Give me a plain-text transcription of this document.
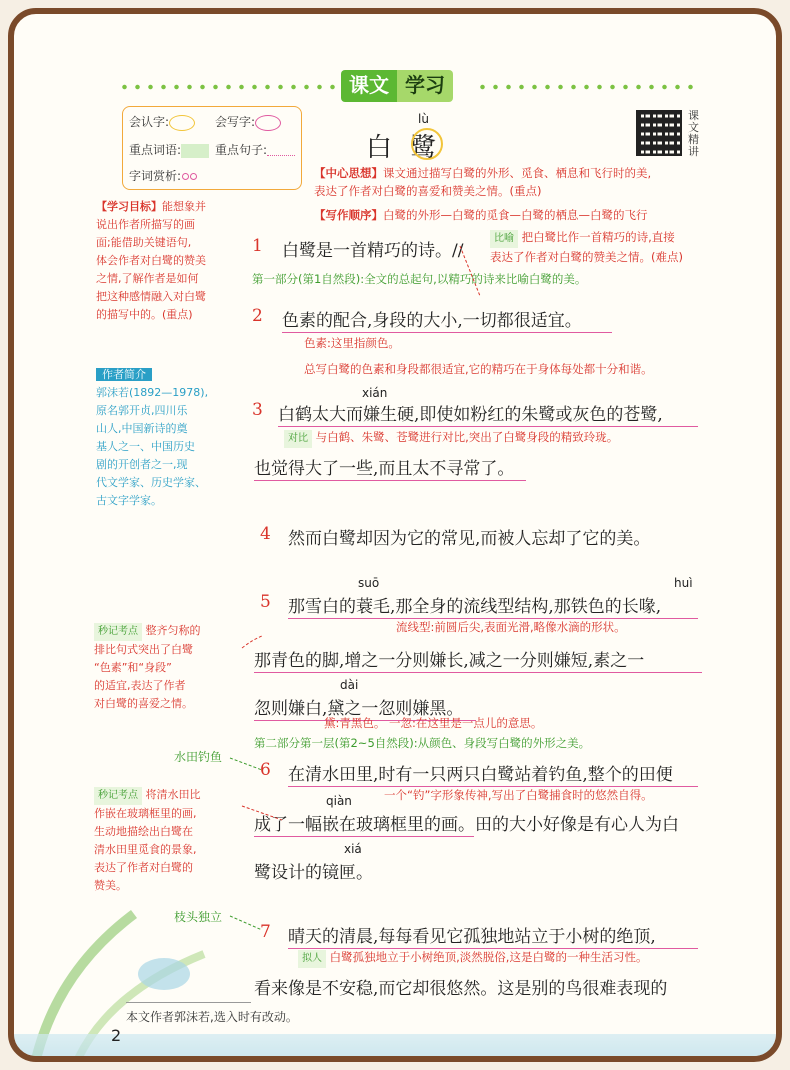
课文 学习
会认字:	会写字:
重点词语:	重点句子:
字词赏析:
lù
白鹭
课文精讲
【中心思想】课文通过描写白鹭的外形、觅食、栖息和飞行时的美,
表达了作者对白鹭的喜爱和赞美之情。(重点)
【写作顺序】白鹭的外形—白鹭的觅食—白鹭的栖息—白鹭的飞行
【学习目标】能想象并
说出作者所描写的画
面;能借助关键语句,
体会作者对白鹭的赞美
之情,了解作者是如何
把这种感情融入对白鹭
的描写中的。(重点)
作者简介
郭沫若(1892—1978),
原名郭开贞,四川乐
山人,中国新诗的奠
基人之一、中国历史
剧的开创者之一,现
代文学家、历史学家、
古文字学家。
1 白鹭是一首精巧的诗。//
比喻 把白鹭比作一首精巧的诗,直接
表达了作者对白鹭的赞美之情。(难点)
第一部分(第1自然段):全文的总起句,以精巧的诗来比喻白鹭的美。
2 色素的配合,身段的大小,一切都很适宜。
色素:这里指颜色。
总写白鹭的色素和身段都很适宜,它的精巧在于身体每处都十分和谐。
xián
3 白鹤太大而嫌生硬,即使如粉红的朱鹭或灰色的苍鹭,
对比 与白鹤、朱鹭、苍鹭进行对比,突出了白鹭身段的精致玲珑。
也觉得大了一些,而且太不寻常了。
4 然而白鹭却因为它的常见,而被人忘却了它的美。
suō	huì
5 那雪白的蓑毛,那全身的流线型结构,那铁色的长喙,
流线型:前圆后尖,表面光滑,略像水滴的形状。
那青色的脚,增之一分则嫌长,减之一分则嫌短,素之一
dài
忽则嫌白,黛之一忽则嫌黑。
黛:青黑色。 一忽:在这里是一点儿的意思。
第二部分第一层(第2~5自然段):从颜色、身段写白鹭的外形之美。
秒记考点 整齐匀称的
排比句式突出了白鹭
“色素”和“身段”
的适宜,表达了作者
对白鹭的喜爱之情。
水田钓鱼
6 在清水田里,时有一只两只白鹭站着钓鱼,整个的田便
一个“钓”字形象传神,写出了白鹭捕食时的悠然自得。
qiàn
成了一幅嵌在玻璃框里的画。田的大小好像是有心人为白
xiá
鹭设计的镜匣。
秒记考点 将清水田比
作嵌在玻璃框里的画,
生动地描绘出白鹭在
清水田里觅食的景象,
表达了作者对白鹭的
赞美。
枝头独立
7 晴天的清晨,每每看见它孤独地站立于小树的绝顶,
拟人 白鹭孤独地立于小树绝顶,淡然脱俗,这是白鹭的一种生活习性。
看来像是不安稳,而它却很悠然。这是别的鸟很难表现的
本文作者郭沫若,选入时有改动。
2
